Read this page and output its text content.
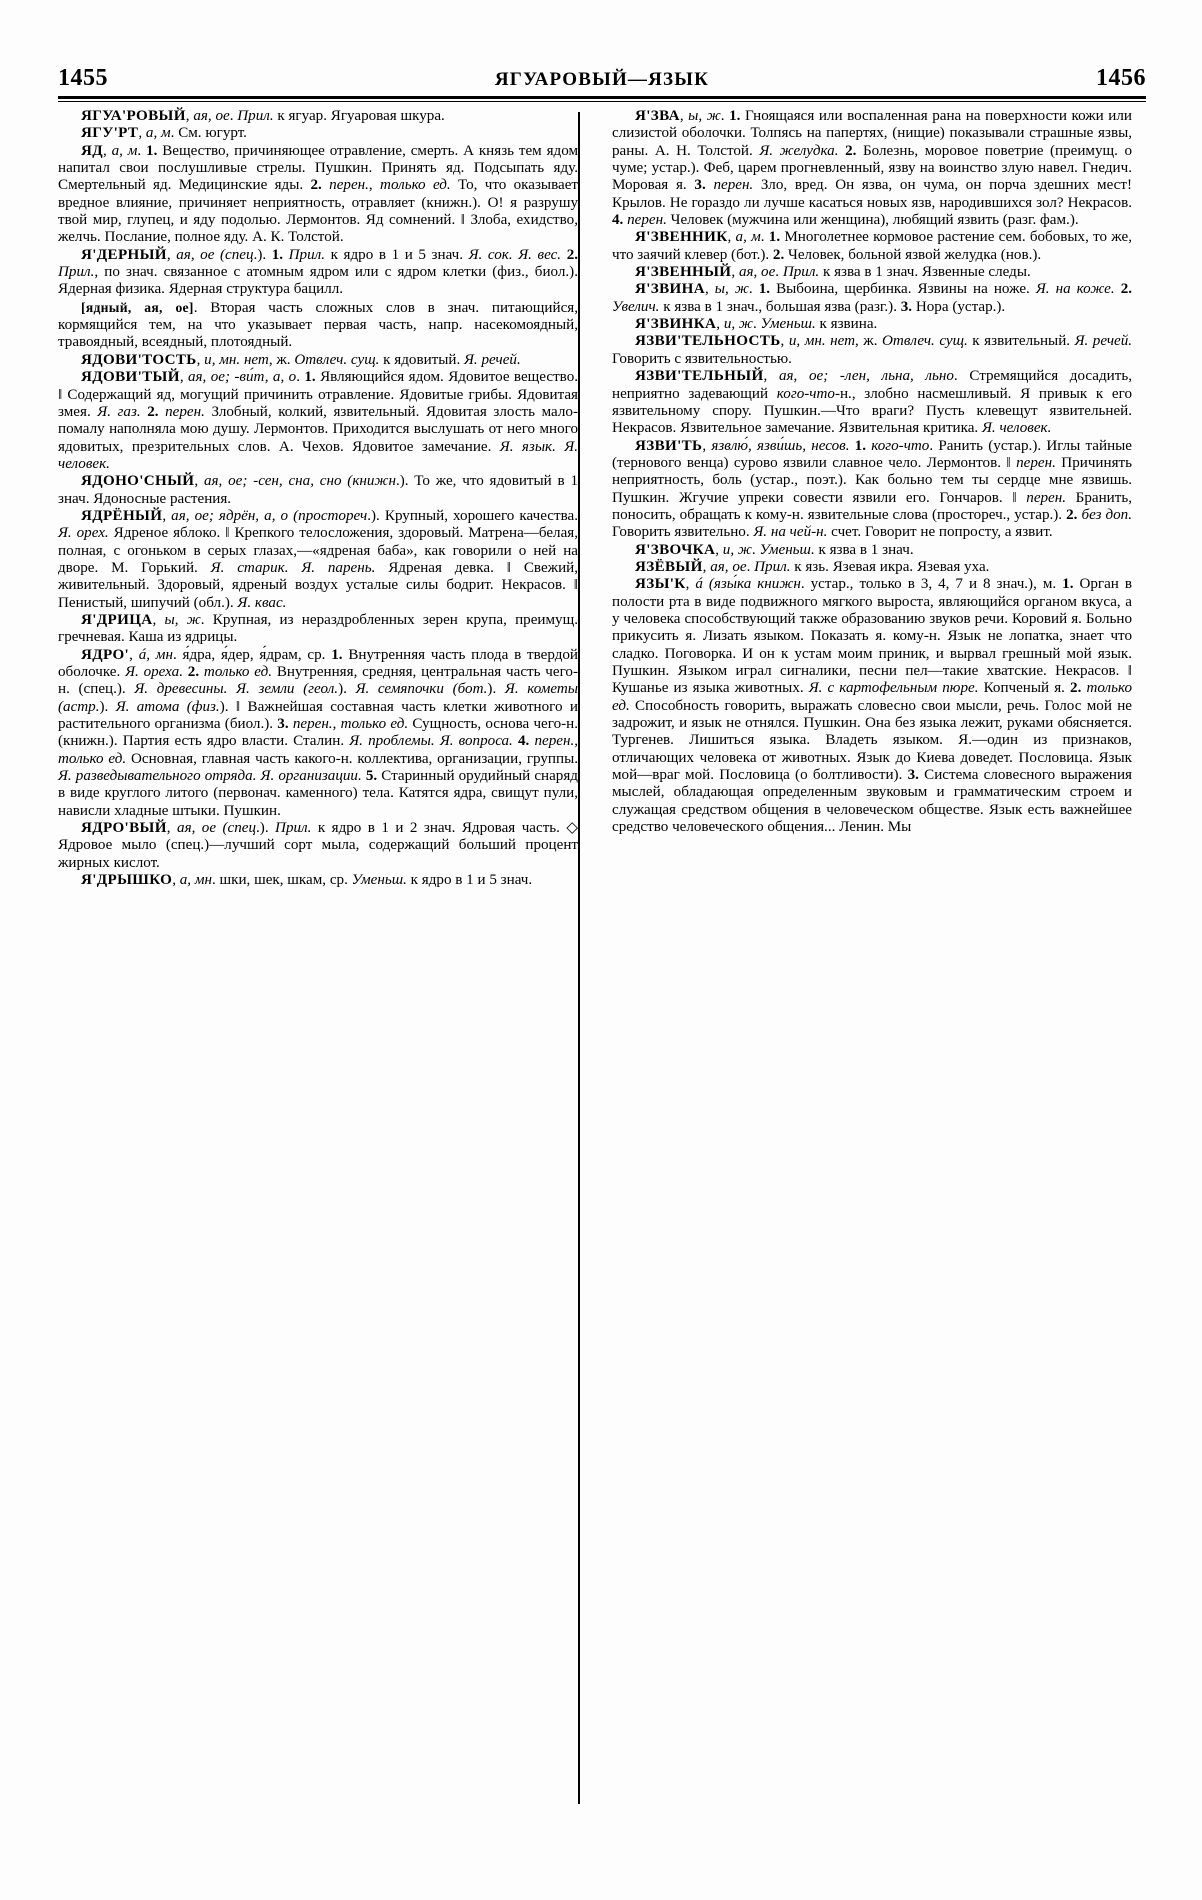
1455	ЯГУАРОВЫЙ—ЯЗЫК	1456

ЯГУА'РОВЫЙ, ая, ое. Прил. к ягуар. Ягуаровая шкура.

ЯГУ'РТ, а, м. См. югурт.

ЯД, а, м. 1. Вещество, причиняющее отравление, смерть. А князь тем ядом напитал свои послушливые стрелы. Пушкин. Принять яд. Подсыпать яду. Смертельный яд. Медицинские яды. 2. перен., только ед. То, что оказывает вредное влияние, причиняет неприятность, отравляет (книжн.). О! я разрушу твой мир, глупец, и яду подолью. Лермонтов. Яд сомнений. ‖ Злоба, ехидство, желчь. Послание, полное яду. А. К. Толстой.

Я'ДЕРНЫЙ, ая, ое (спец.). 1. Прил. к ядро в 1 и 5 знач. Я. сок. Я. вес. 2. Прил., по знач. связанное с атомным ядром или с ядром клетки (физ., биол.). Ядерная физика. Ядерная структура бацилл.

[ядный, ая, ое]. Вторая часть сложных слов в знач. питающийся, кормящийся тем, на что указывает первая часть, напр. насекомоядный, травоядный, всеядный, плотоядный.

ЯДОВИ'ТОСТЬ, и, мн. нет, ж. Отвлеч. сущ. к ядовитый. Я. речей.

ЯДОВИ'ТЫЙ, ая, ое; -ви́т, а, о. 1. Являющийся ядом. Ядовитое вещество. ‖ Содержащий яд, могущий причинить отравление. Ядовитые грибы. Ядовитая змея. Я. газ. 2. перен. Злобный, колкий, язвительный. Ядовитая злость мало-помалу наполняла мою душу. Лермонтов. Приходится выслушать от него много ядовитых, презрительных слов. А. Чехов. Ядовитое замечание. Я. язык. Я. человек.

ЯДОНО'СНЫЙ, ая, ое; -сен, сна, сно (книжн.). То же, что ядовитый в 1 знач. Ядоносные растения.

ЯДРЁНЫЙ, ая, ое; ядрён, а, о (простореч.). Крупный, хорошего качества. Я. орех. Ядреное яблоко. ‖ Крепкого телосложения, здоровый. Матрена—белая, полная, с огоньком в серых глазах,—«ядреная баба», как говорили о ней на дворе. М. Горький. Я. старик. Я. парень. Ядреная девка. ‖ Свежий, живительный. Здоровый, ядреный воздух усталые силы бодрит. Некрасов. ‖ Пенистый, шипучий (обл.). Я. квас.

Я'ДРИЦА, ы, ж. Крупная, из нераздробленных зерен крупа, преимущ. гречневая. Каша из ядрицы.

ЯДРО', á, мн. я́дра, я́дер, я́драм, ср. 1. Внутренняя часть плода в твердой оболочке. Я. ореха. 2. только ед. Внутренняя, средняя, центральная часть чего-н. (спец.). Я. древесины. Я. земли (геол.). Я. семяпочки (бот.). Я. кометы (астр.). Я. атома (физ.). ‖ Важнейшая составная часть клетки животного и растительного организма (биол.). 3. перен., только ед. Сущность, основа чего-н. (книжн.). Партия есть ядро власти. Сталин. Я. проблемы. Я. вопроса. 4. перен., только ед. Основная, главная часть какого-н. коллектива, организации, группы. Я. разведывательного отряда. Я. организации. 5. Старинный орудийный снаряд в виде круглого литого (первонач. каменного) тела. Катятся ядра, свищут пули, нависли хладные штыки. Пушкин.

ЯДРО'ВЫЙ, ая, ое (спец.). Прил. к ядро в 1 и 2 знач. Ядровая часть. ◇ Ядровое мыло (спец.)—лучший сорт мыла, содержащий больший процент жирных кислот.

Я'ДРЫШКО, а, мн. шки, шек, шкам, ср. Уменьш. к ядро в 1 и 5 знач.

Я'ЗВА, ы, ж. 1. Гноящаяся или воспаленная рана на поверхности кожи или слизистой оболочки. Толпясь на папертях, (нищие) показывали страшные язвы, раны. А. Н. Толстой. Я. желудка. 2. Болезнь, моровое поветрие (преимущ. о чуме; устар.). Феб, царем прогневленный, язву на воинство злую навел. Гнедич. Моровая я. 3. перен. Зло, вред. Он язва, он чума, он порча здешних мест! Крылов. Не гораздо ли лучше касаться новых язв, народившихся зол? Некрасов. 4. перен. Человек (мужчина или женщина), любящий язвить (разг. фам.).

Я'ЗВЕННИК, а, м. 1. Многолетнее кормовое растение сем. бобовых, то же, что заячий клевер (бот.). 2. Человек, больной язвой желудка (нов.).

Я'ЗВЕННЫЙ, ая, ое. Прил. к язва в 1 знач. Язвенные следы.

Я'ЗВИНА, ы, ж. 1. Выбоина, щербинка. Язвины на ноже. Я. на коже. 2. Увелич. к язва в 1 знач., большая язва (разг.). 3. Нора (устар.).

Я'ЗВИНКА, и, ж. Уменьш. к язвина.

ЯЗВИ'ТЕЛЬНОСТЬ, и, мн. нет, ж. Отвлеч. сущ. к язвительный. Я. речей. Говорить с язвительностью.

ЯЗВИ'ТЕЛЬНЫЙ, ая, ое; -лен, льна, льно. Стремящийся досадить, неприятно задевающий кого-что-н., злобно насмешливый. Я привык к его язвительному спору. Пушкин.—Что враги? Пусть клевещут язвительней. Некрасов. Язвительное замечание. Язвительная критика. Я. человек.

ЯЗВИ'ТЬ, язвлю́, язви́шь, несов. 1. кого-что. Ранить (устар.). Иглы тайные (тернового венца) сурово язвили славное чело. Лермонтов. ‖ перен. Причинять неприятность, боль (устар., поэт.). Как больно тем ты сердце мне язвишь. Пушкин. Жгучие упреки совести язвили его. Гончаров. ‖ перен. Бранить, поносить, обращать к кому-н. язвительные слова (простореч., устар.). 2. без доп. Говорить язвительно. Я. на чей-н. счет. Говорит не попросту, а язвит.

Я'ЗВОЧКА, и, ж. Уменьш. к язва в 1 знач.

ЯЗЁВЫЙ, ая, ое. Прил. к язь. Язевая икра. Язевая уха.

ЯЗЫ'К, á (язы́ка книжн. устар., только в 3, 4, 7 и 8 знач.), м. 1. Орган в полости рта в виде подвижного мягкого выроста, являющийся органом вкуса, а у человека способствующий также образованию звуков речи. Коровий я. Больно прикусить я. Лизать языком. Показать я. кому-н. Язык не лопатка, знает что сладко. Поговорка. И он к устам моим приник, и вырвал грешный мой язык. Пушкин. Языком играл сигналики, песни пел—такие хватские. Некрасов. ‖ Кушанье из языка животных. Я. с картофельным пюре. Копченый я. 2. только ед. Способность говорить, выражать словесно свои мысли, речь. Голос мой не задрожит, и язык не отнялся. Пушкин. Она без языка лежит, руками обясняется. Тургенев. Лишиться языка. Владеть языком. Я.—один из признаков, отличающих человека от животных. Язык до Киева доведет. Пословица. Язык мой—враг мой. Пословица (о болтливости). 3. Система словесного выражения мыслей, обладающая определенным звуковым и грамматическим строем и служащая средством общения в человеческом обществе. Язык есть важнейшее средство человеческого общения... Ленин. Мы
